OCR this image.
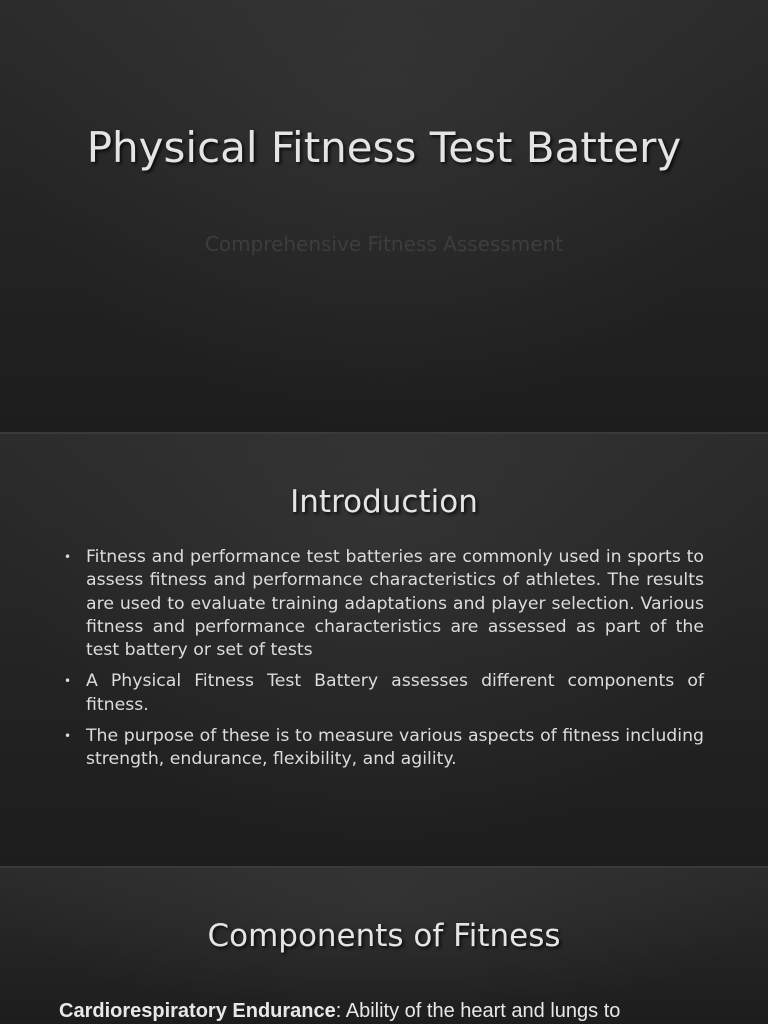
Physical Fitness Test Battery

Comprehensive Fitness Assessment

Introduction
• Fitness and performance test batteries are commonly used in sports to assess fitness and performance characteristics of athletes. The results are used to evaluate training adaptations and player selection. Various fitness and performance characteristics are assessed as part of the test battery or set of tests
• A Physical Fitness Test Battery assesses different components of fitness.
• The purpose of these is to measure various aspects of fitness including strength, endurance, flexibility, and agility.
Components of Fitness

Cardiorespiratory Endurance: Ability of the heart and lungs to
